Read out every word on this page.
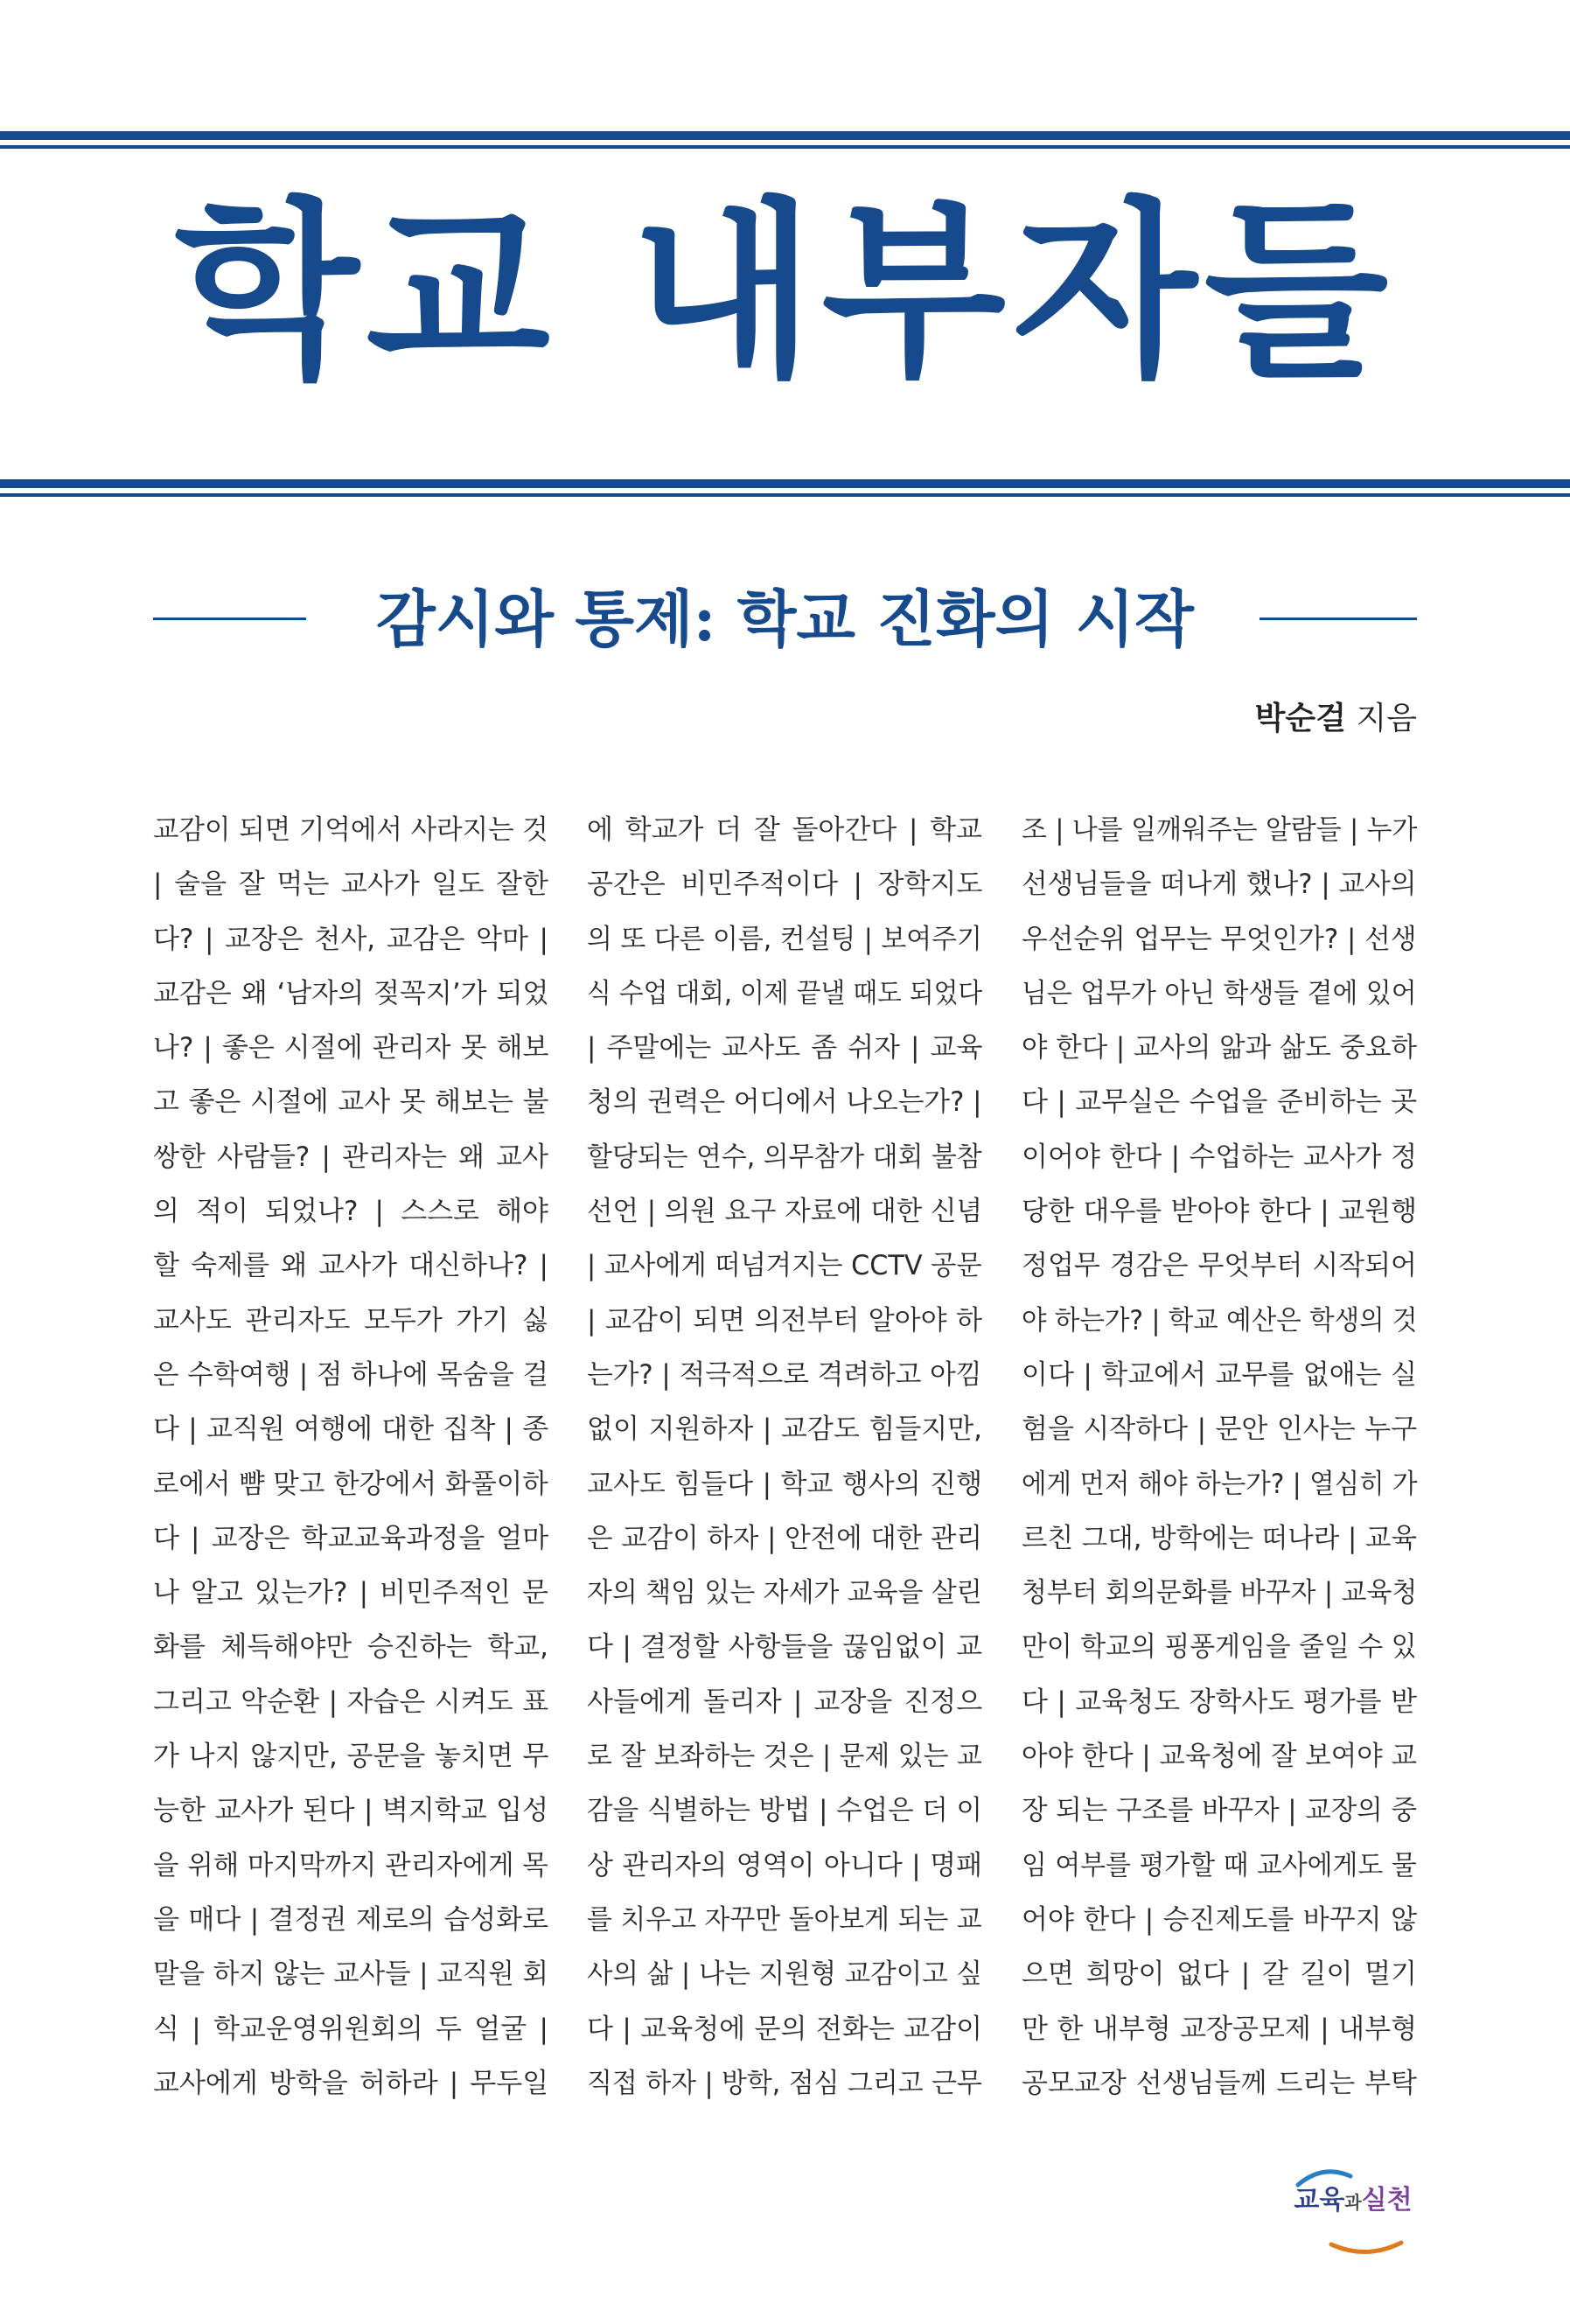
학교 내부자들
감시와 통제: 학교 진화의 시작
박순걸 지음
교감이 되면 기억에서 사라지는 것
| 술을 잘 먹는 교사가 일도 잘한
다? | 교장은 천사, 교감은 악마 |
교감은 왜 ‘남자의 젖꼭지’가 되었
나? | 좋은 시절에 관리자 못 해보
고 좋은 시절에 교사 못 해보는 불
쌍한 사람들? | 관리자는 왜 교사
의 적이 되었나? | 스스로 해야
할 숙제를 왜 교사가 대신하나? |
교사도 관리자도 모두가 가기 싫
은 수학여행 | 점 하나에 목숨을 걸
다 | 교직원 여행에 대한 집착 | 종
로에서 뺨 맞고 한강에서 화풀이하
다 | 교장은 학교교육과정을 얼마
나 알고 있는가? | 비민주적인 문
화를 체득해야만 승진하는 학교,
그리고 악순환 | 자습은 시켜도 표
가 나지 않지만, 공문을 놓치면 무
능한 교사가 된다 | 벽지학교 입성
을 위해 마지막까지 관리자에게 목
을 매다 | 결정권 제로의 습성화로
말을 하지 않는 교사들 | 교직원 회
식 | 학교운영위원회의 두 얼굴 |
교사에게 방학을 허하라 | 무두일
에 학교가 더 잘 돌아간다 | 학교
공간은 비민주적이다 | 장학지도
의 또 다른 이름, 컨설팅 | 보여주기
식 수업 대회, 이제 끝낼 때도 되었다
| 주말에는 교사도 좀 쉬자 | 교육
청의 권력은 어디에서 나오는가? |
할당되는 연수, 의무참가 대회 불참
선언 | 의원 요구 자료에 대한 신념
| 교사에게 떠넘겨지는 CCTV 공문
| 교감이 되면 의전부터 알아야 하
는가? | 적극적으로 격려하고 아낌
없이 지원하자 | 교감도 힘들지만,
교사도 힘들다 | 학교 행사의 진행
은 교감이 하자 | 안전에 대한 관리
자의 책임 있는 자세가 교육을 살린
다 | 결정할 사항들을 끊임없이 교
사들에게 돌리자 | 교장을 진정으
로 잘 보좌하는 것은 | 문제 있는 교
감을 식별하는 방법 | 수업은 더 이
상 관리자의 영역이 아니다 | 명패
를 치우고 자꾸만 돌아보게 되는 교
사의 삶 | 나는 지원형 교감이고 싶
다 | 교육청에 문의 전화는 교감이
직접 하자 | 방학, 점심 그리고 근무
조 | 나를 일깨워주는 알람들 | 누가
선생님들을 떠나게 했나? | 교사의
우선순위 업무는 무엇인가? | 선생
님은 업무가 아닌 학생들 곁에 있어
야 한다 | 교사의 앎과 삶도 중요하
다 | 교무실은 수업을 준비하는 곳
이어야 한다 | 수업하는 교사가 정
당한 대우를 받아야 한다 | 교원행
정업무 경감은 무엇부터 시작되어
야 하는가? | 학교 예산은 학생의 것
이다 | 학교에서 교무를 없애는 실
험을 시작하다 | 문안 인사는 누구
에게 먼저 해야 하는가? | 열심히 가
르친 그대, 방학에는 떠나라 | 교육
청부터 회의문화를 바꾸자 | 교육청
만이 학교의 핑퐁게임을 줄일 수 있
다 | 교육청도 장학사도 평가를 받
아야 한다 | 교육청에 잘 보여야 교
장 되는 구조를 바꾸자 | 교장의 중
임 여부를 평가할 때 교사에게도 물
어야 한다 | 승진제도를 바꾸지 않
으면 희망이 없다 | 갈 길이 멀기
만 한 내부형 교장공모제 | 내부형
공모교장 선생님들께 드리는 부탁
교육과실천
